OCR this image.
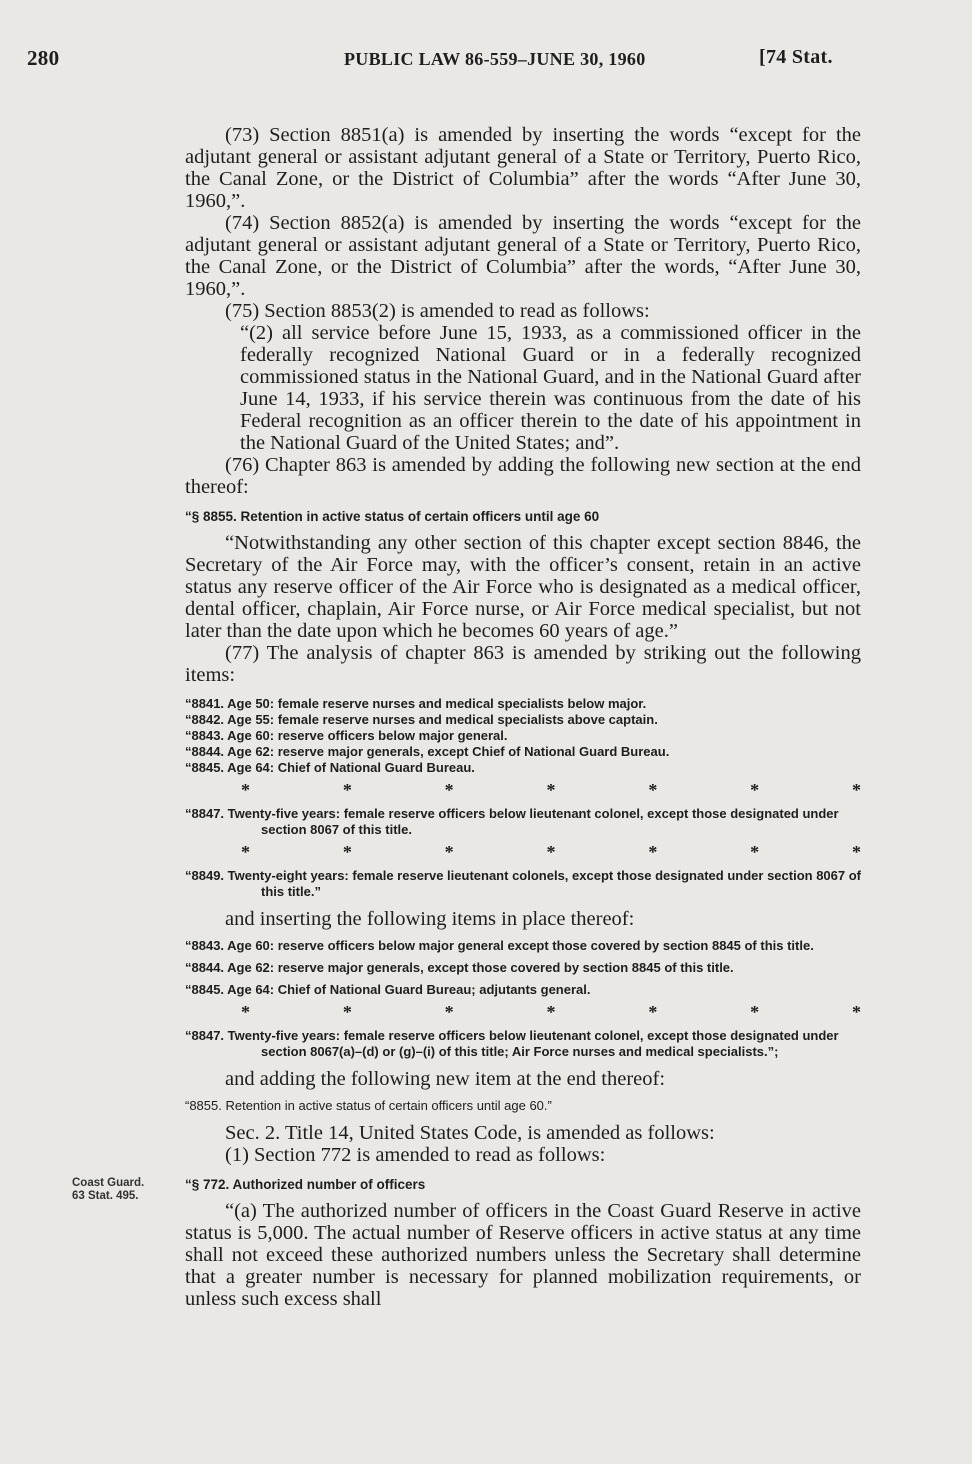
280	PUBLIC LAW 86-559–JUNE 30, 1960	[74 Stat.
Coast Guard.
63 Stat. 495.

(73) Section 8851(a) is amended by inserting the words “except for the adjutant general or assistant adjutant general of a State or Territory, Puerto Rico, the Canal Zone, or the District of Columbia” after the words “After June 30, 1960,”.

(74) Section 8852(a) is amended by inserting the words “except for the adjutant general or assistant adjutant general of a State or Territory, Puerto Rico, the Canal Zone, or the District of Columbia” after the words, “After June 30, 1960,”.

(75) Section 8853(2) is amended to read as follows:

“(2) all service before June 15, 1933, as a commissioned officer in the federally recognized National Guard or in a federally recognized commissioned status in the National Guard, and in the National Guard after June 14, 1933, if his service therein was continuous from the date of his Federal recognition as an officer therein to the date of his appointment in the National Guard of the United States; and”.

(76) Chapter 863 is amended by adding the following new section at the end thereof:

“§ 8855. Retention in active status of certain officers until age 60

“Notwithstanding any other section of this chapter except section 8846, the Secretary of the Air Force may, with the officer’s consent, retain in an active status any reserve officer of the Air Force who is designated as a medical officer, dental officer, chaplain, Air Force nurse, or Air Force medical specialist, but not later than the date upon which he becomes 60 years of age.”

(77) The analysis of chapter 863 is amended by striking out the following items:

“8841. Age 50: female reserve nurses and medical specialists below major.
“8842. Age 55: female reserve nurses and medical specialists above captain.
“8843. Age 60: reserve officers below major general.
“8844. Age 62: reserve major generals, except Chief of National Guard Bureau.
“8845. Age 64: Chief of National Guard Bureau.
*	*	*	*	*	*	*
“8847. Twenty-five years: female reserve officers below lieutenant colonel, except those designated under section 8067 of this title.
*	*	*	*	*	*	*
“8849. Twenty-eight years: female reserve lieutenant colonels, except those designated under section 8067 of this title.”

and inserting the following items in place thereof:

“8843. Age 60: reserve officers below major general except those covered by section 8845 of this title.
“8844. Age 62: reserve major generals, except those covered by section 8845 of this title.
“8845. Age 64: Chief of National Guard Bureau; adjutants general.
*	*	*	*	*	*	*
“8847. Twenty-five years: female reserve officers below lieutenant colonel, except those designated under section 8067(a)–(d) or (g)–(i) of this title; Air Force nurses and medical specialists.”;

and adding the following new item at the end thereof:

“8855. Retention in active status of certain officers until age 60.”

Sec. 2. Title 14, United States Code, is amended as follows:

(1) Section 772 is amended to read as follows:

“§ 772. Authorized number of officers

“(a) The authorized number of officers in the Coast Guard Reserve in active status is 5,000. The actual number of Reserve officers in active status at any time shall not exceed these authorized numbers unless the Secretary shall determine that a greater number is necessary for planned mobilization requirements, or unless such excess shall
